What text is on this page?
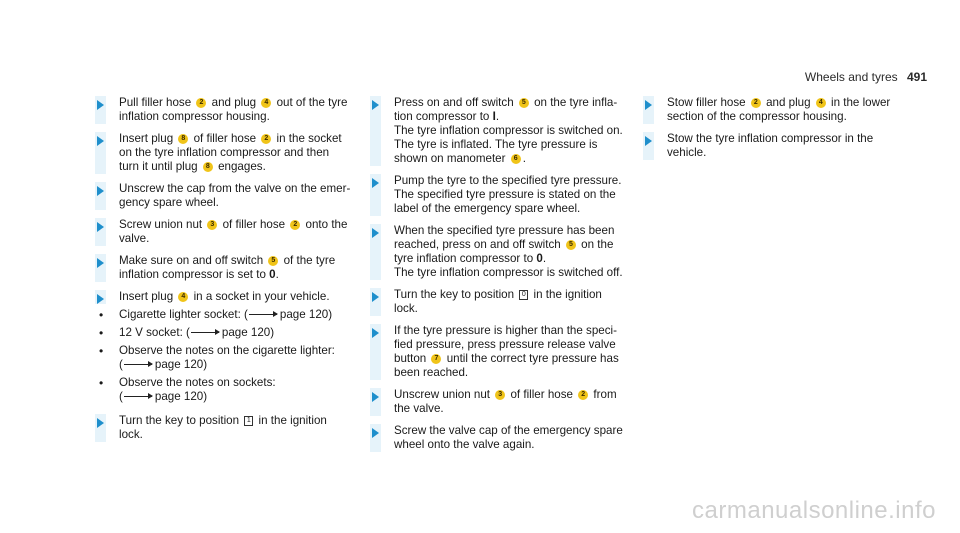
Wheels and tyres 491
Pull filler hose 2 and plug 4 out of the tyre
inflation compressor housing.
Insert plug 8 of filler hose 2 in the socket
on the tyre inflation compressor and then
turn it until plug 8 engages.
Unscrew the cap from the valve on the emer-
gency spare wheel.
Screw union nut 3 of filler hose 2 onto the
valve.
Make sure on and off switch 5 of the tyre
inflation compressor is set to 0.
Insert plug 4 in a socket in your vehicle.
• Cigarette lighter socket: (	page 120)
• 12 V socket: (	page 120)
• Observe the notes on the cigarette lighter:
(	page 120)
• Observe the notes on sockets:
(	page 120)
Turn the key to position 1 in the ignition
lock.
Press on and off switch 5 on the tyre infla-
tion compressor to I.
The tyre inflation compressor is switched on.
The tyre is inflated. The tyre pressure is
shown on manometer 6 .
Pump the tyre to the specified tyre pressure.
The specified tyre pressure is stated on the
label of the emergency spare wheel.
When the specified tyre pressure has been
reached, press on and off switch 5 on the
tyre inflation compressor to 0.
The tyre inflation compressor is switched off.
Turn the key to position 0 in the ignition
lock.
If the tyre pressure is higher than the speci-
fied pressure, press pressure release valve
button 7 until the correct tyre pressure has
been reached.
Unscrew union nut 3 of filler hose 2 from
the valve.
Screw the valve cap of the emergency spare
wheel onto the valve again.
Stow filler hose 2 and plug 4 in the lower
section of the compressor housing.
Stow the tyre inflation compressor in the
vehicle.
carmanualsonline.info
